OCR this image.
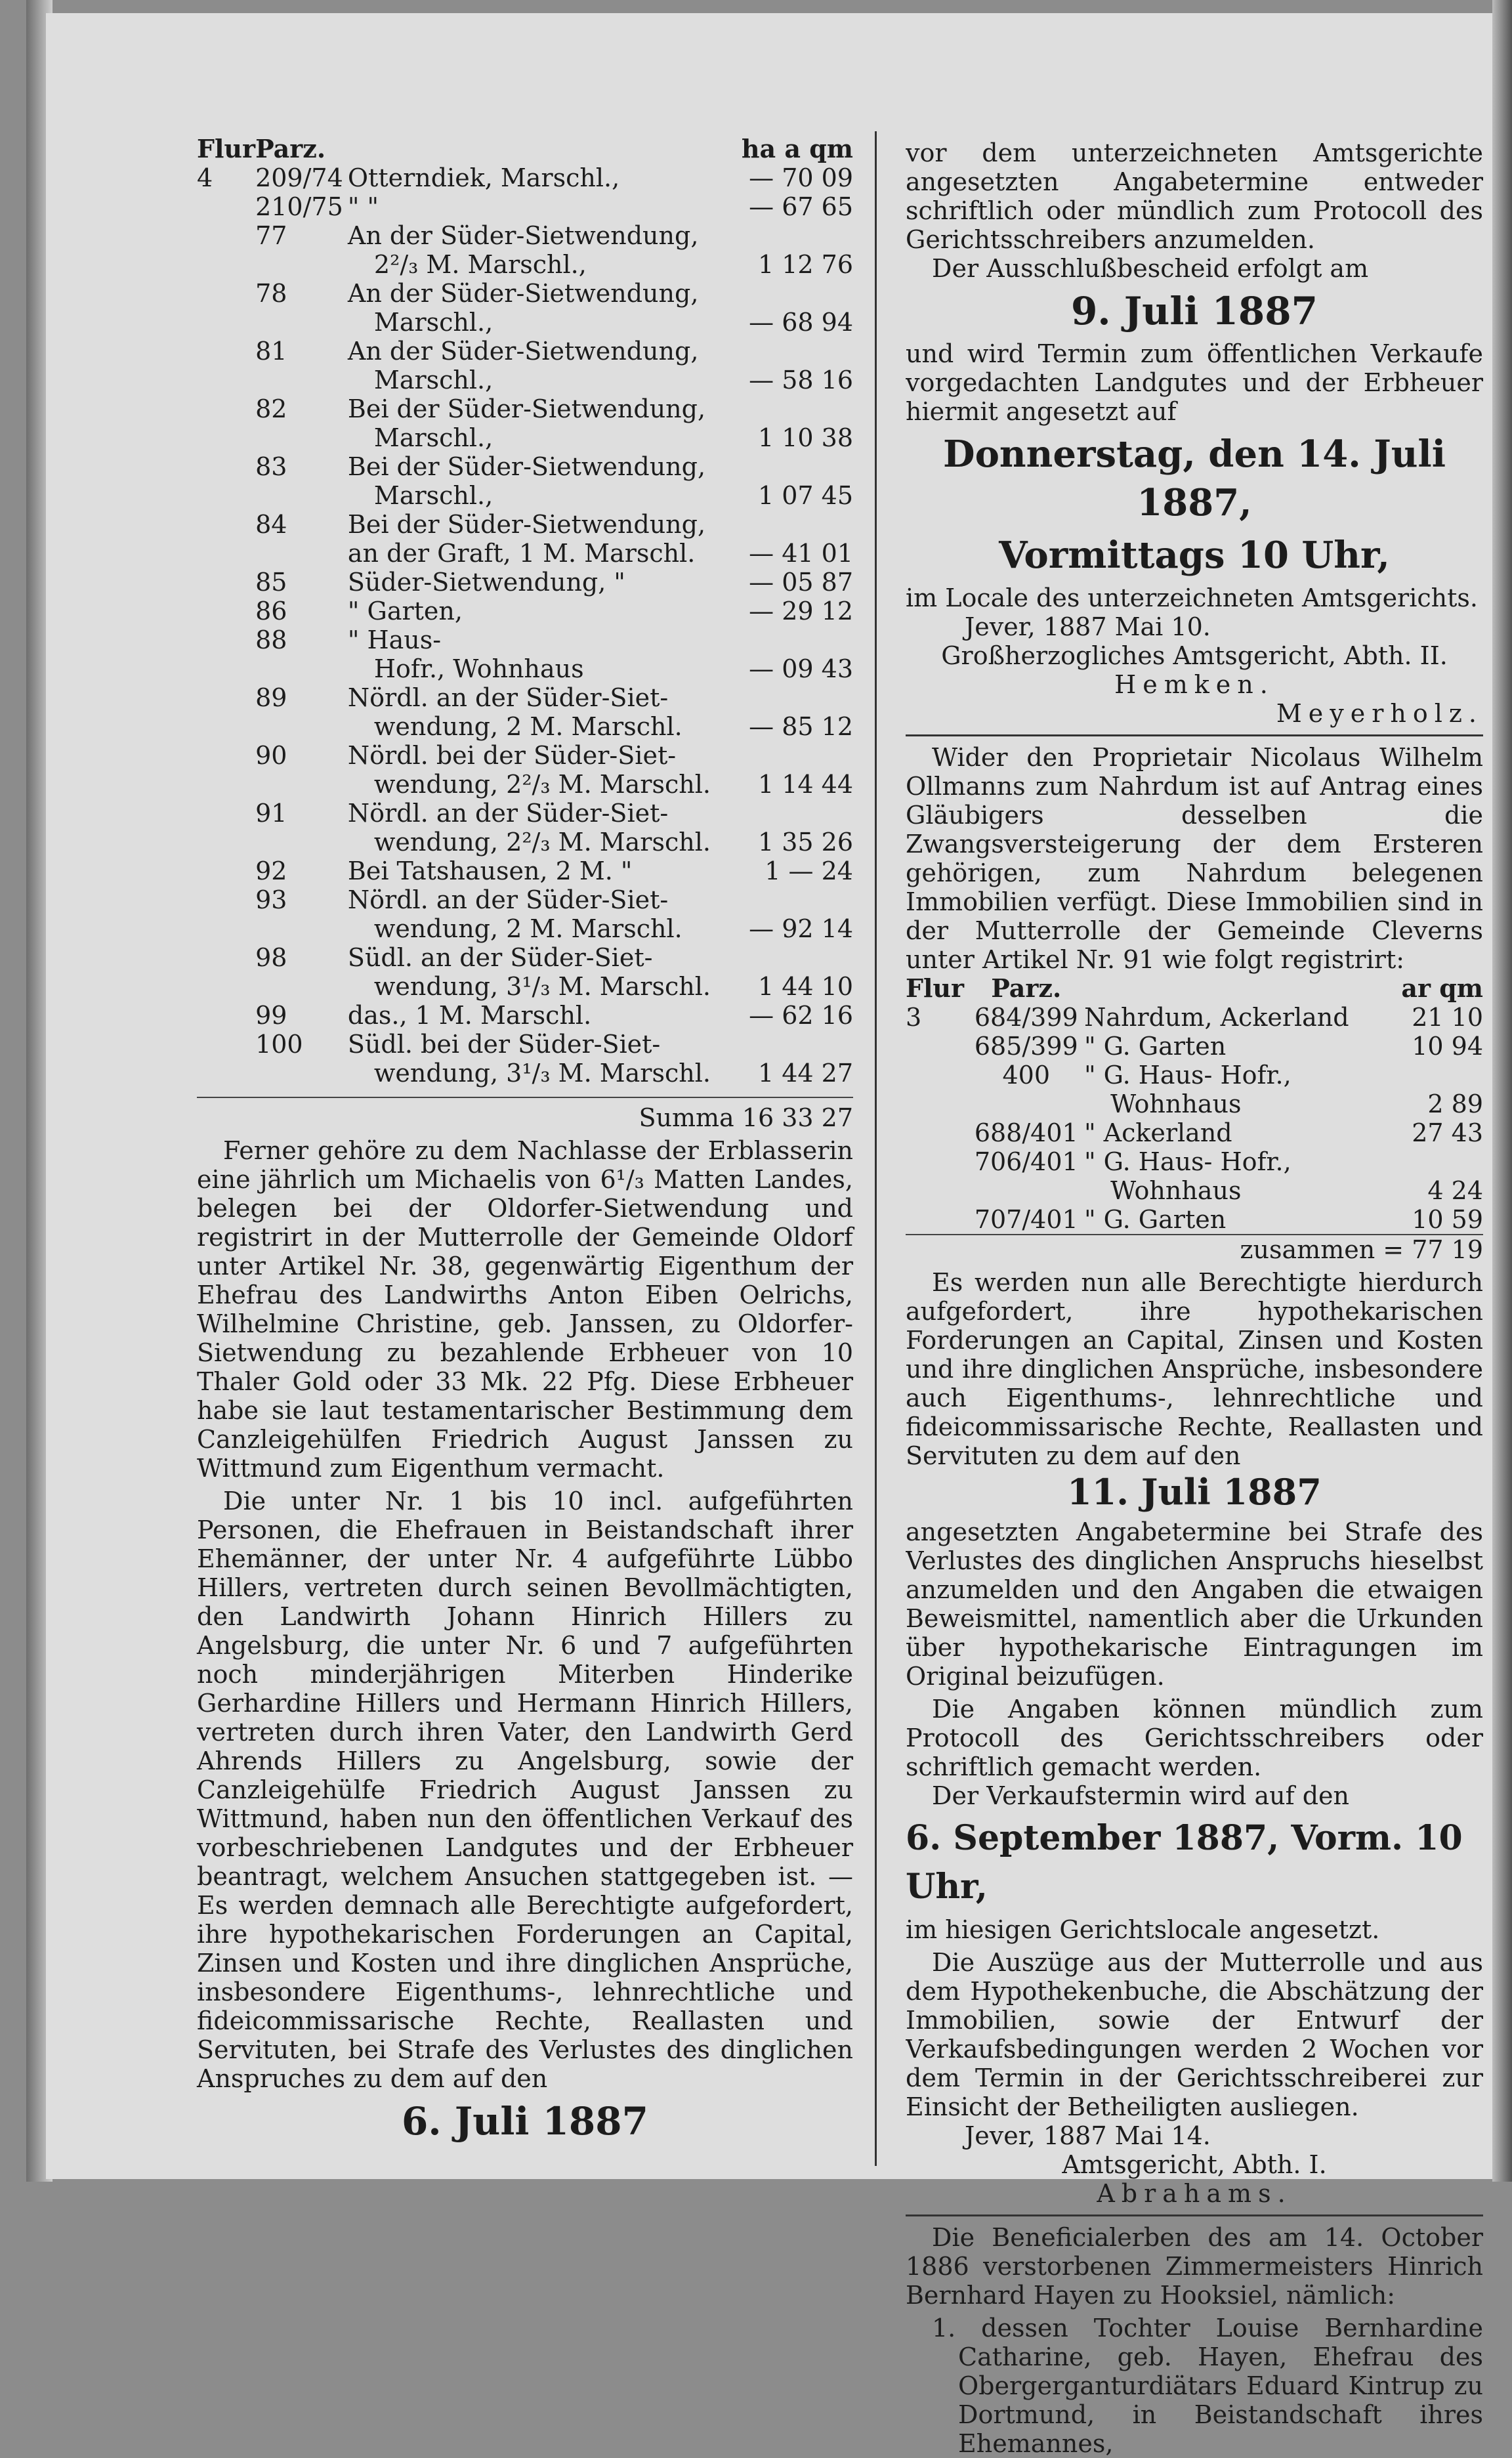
Flur	Parz.		ha a qm
4	209/74	Otterndiek, Marschl.,	— 70 09
	210/75	" "	— 67 65
	77	An der Süder-Sietwendung,	
		2²/₃ M. Marschl.,	1 12 76
	78	An der Süder-Sietwendung,	
		Marschl.,	— 68 94
	81	An der Süder-Sietwendung,	
		Marschl.,	— 58 16
	82	Bei der Süder-Sietwendung,	
		Marschl.,	1 10 38
	83	Bei der Süder-Sietwendung,	
		Marschl.,	1 07 45
	84	Bei der Süder-Sietwendung,	
		an der Graft, 1 M. Marschl.	— 41 01
	85	Süder-Sietwendung, "	— 05 87
	86	" Garten,	— 29 12
	88	" Haus-	
		Hofr., Wohnhaus	— 09 43
	89	Nördl. an der Süder-Siet-	
		wendung, 2 M. Marschl.	— 85 12
	90	Nördl. bei der Süder-Siet-	
		wendung, 2²/₃ M. Marschl.	1 14 44
	91	Nördl. an der Süder-Siet-	
		wendung, 2²/₃ M. Marschl.	1 35 26
	92	Bei Tatshausen, 2 M. "	1 — 24
	93	Nördl. an der Süder-Siet-	
		wendung, 2 M. Marschl.	— 92 14
	98	Südl. an der Süder-Siet-	
		wendung, 3¹/₃ M. Marschl.	1 44 10
	99	das., 1 M. Marschl.	— 62 16
	100	Südl. bei der Süder-Siet-	
		wendung, 3¹/₃ M. Marschl.	1 44 27
Summa 16 33 27

Ferner gehöre zu dem Nachlasse der Erblasserin eine jährlich um Michaelis von 6¹/₃ Matten Landes, belegen bei der Oldorfer-Sietwendung und registrirt in der Mutterrolle der Gemeinde Oldorf unter Artikel Nr. 38, gegenwärtig Eigenthum der Ehefrau des Landwirths Anton Eiben Oelrichs, Wilhelmine Christine, geb. Janssen, zu Oldorfer-Sietwendung zu bezahlende Erbheuer von 10 Thaler Gold oder 33 Mk. 22 Pfg. Diese Erbheuer habe sie laut testamentarischer Bestimmung dem Canzleigehülfen Friedrich August Janssen zu Wittmund zum Eigenthum vermacht.

Die unter Nr. 1 bis 10 incl. aufgeführten Personen, die Ehefrauen in Beistandschaft ihrer Ehemänner, der unter Nr. 4 aufgeführte Lübbo Hillers, vertreten durch seinen Bevollmächtigten, den Landwirth Johann Hinrich Hillers zu Angelsburg, die unter Nr. 6 und 7 aufgeführten noch minderjährigen Miterben Hinderike Gerhardine Hillers und Hermann Hinrich Hillers, vertreten durch ihren Vater, den Landwirth Gerd Ahrends Hillers zu Angelsburg, sowie der Canzleigehülfe Friedrich August Janssen zu Wittmund, haben nun den öffentlichen Verkauf des vorbeschriebenen Landgutes und der Erbheuer beantragt, welchem Ansuchen stattgegeben ist. — Es werden demnach alle Berechtigte aufgefordert, ihre hypothekarischen Forderungen an Capital, Zinsen und Kosten und ihre dinglichen Ansprüche, insbesondere Eigenthums-, lehnrechtliche und fideicommissarische Rechte, Reallasten und Servituten, bei Strafe des Verlustes des dinglichen Anspruches zu dem auf den

6. Juli 1887

vor dem unterzeichneten Amtsgerichte angesetzten Angabetermine entweder schriftlich oder mündlich zum Protocoll des Gerichtsschreibers anzumelden.

Der Ausschlußbescheid erfolgt am
9. Juli 1887

und wird Termin zum öffentlichen Verkaufe vorgedachten Landgutes und der Erbheuer hiermit angesetzt auf

Donnerstag, den 14. Juli 1887,
Vormittags 10 Uhr,
im Locale des unterzeichneten Amtsgerichts.
Jever, 1887 Mai 10.
Großherzogliches Amtsgericht, Abth. II.
Hemken.
Meyerholz.

Wider den Proprietair Nicolaus Wilhelm Ollmanns zum Nahrdum ist auf Antrag eines Gläubigers desselben die Zwangsversteigerung der dem Ersteren gehörigen, zum Nahrdum belegenen Immobilien verfügt. Diese Immobilien sind in der Mutterrolle der Gemeinde Cleverns unter Artikel Nr. 91 wie folgt registrirt:

Flur	Parz.		ar qm
3	684/399	Nahrdum, Ackerland	21 10
	685/399	" G. Garten	10 94
	400	" G. Haus- Hofr.,	
		Wohnhaus	2 89
	688/401	" Ackerland	27 43
	706/401	" G. Haus- Hofr.,	
		Wohnhaus	4 24
	707/401	" G. Garten	10 59
zusammen = 77 19

Es werden nun alle Berechtigte hierdurch aufgefordert, ihre hypothekarischen Forderungen an Capital, Zinsen und Kosten und ihre dinglichen Ansprüche, insbesondere auch Eigenthums-, lehnrechtliche und fideicommissarische Rechte, Reallasten und Servituten zu dem auf den

11. Juli 1887

angesetzten Angabetermine bei Strafe des Verlustes des dinglichen Anspruchs hieselbst anzumelden und den Angaben die etwaigen Beweismittel, namentlich aber die Urkunden über hypothekarische Eintragungen im Original beizufügen.

Die Angaben können mündlich zum Protocoll des Gerichtsschreibers oder schriftlich gemacht werden.

Der Verkaufstermin wird auf den
6. September 1887, Vorm. 10 Uhr,
im hiesigen Gerichtslocale angesetzt.

Die Auszüge aus der Mutterrolle und aus dem Hypothekenbuche, die Abschätzung der Immobilien, sowie der Entwurf der Verkaufsbedingungen werden 2 Wochen vor dem Termin in der Gerichtsschreiberei zur Einsicht der Betheiligten ausliegen.

Jever, 1887 Mai 14.
Amtsgericht, Abth. I.
Abrahams.

Die Beneficialerben des am 14. October 1886 verstorbenen Zimmermeisters Hinrich Bernhard Hayen zu Hooksiel, nämlich:

1. dessen Tochter Louise Bernhardine Catharine, geb. Hayen, Ehefrau des Obergerganturdiätars Eduard Kintrup zu Dortmund, in Beistandschaft ihres Ehemannes,
